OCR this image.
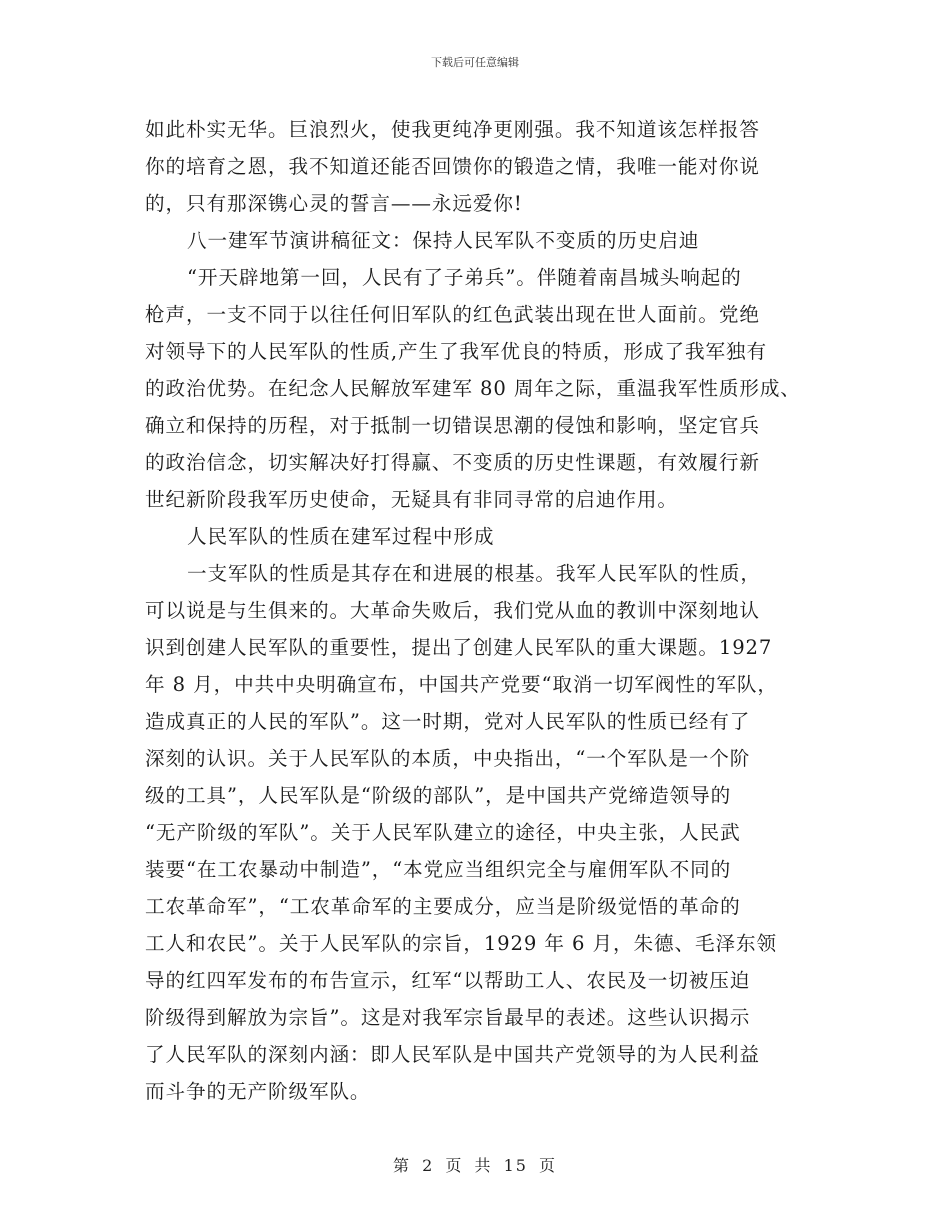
下载后可任意编辑
如此朴实无华。巨浪烈火，使我更纯净更刚强。我不知道该怎样报答
你的培育之恩，我不知道还能否回馈你的锻造之情，我唯一能对你说
的，只有那深镌心灵的誓言——永远爱你!
八一建军节演讲稿征文：保持人民军队不变质的历史启迪
“开天辟地第一回，人民有了子弟兵”。伴随着南昌城头响起的
枪声，一支不同于以往任何旧军队的红色武装出现在世人面前。党绝
对领导下的人民军队的性质,产生了我军优良的特质，形成了我军独有
的政治优势。在纪念人民解放军建军 80 周年之际，重温我军性质形成、
确立和保持的历程，对于抵制一切错误思潮的侵蚀和影响，坚定官兵
的政治信念，切实解决好打得赢、不变质的历史性课题，有效履行新
世纪新阶段我军历史使命，无疑具有非同寻常的启迪作用。
人民军队的性质在建军过程中形成
一支军队的性质是其存在和进展的根基。我军人民军队的性质，
可以说是与生俱来的。大革命失败后，我们党从血的教训中深刻地认
识到创建人民军队的重要性，提出了创建人民军队的重大课题。1927
年 8 月，中共中央明确宣布，中国共产党要“取消一切军阀性的军队，
造成真正的人民的军队”。这一时期，党对人民军队的性质已经有了
深刻的认识。关于人民军队的本质，中央指出，“一个军队是一个阶
级的工具”，人民军队是“阶级的部队”，是中国共产党缔造领导的
“无产阶级的军队”。关于人民军队建立的途径，中央主张，人民武
装要“在工农暴动中制造”，“本党应当组织完全与雇佣军队不同的
工农革命军”，“工农革命军的主要成分，应当是阶级觉悟的革命的
工人和农民”。关于人民军队的宗旨，1929 年 6 月，朱德、毛泽东领
导的红四军发布的布告宣示，红军“以帮助工人、农民及一切被压迫
阶级得到解放为宗旨”。这是对我军宗旨最早的表述。这些认识揭示
了人民军队的深刻内涵：即人民军队是中国共产党领导的为人民利益
而斗争的无产阶级军队。
第 2 页 共 15 页
